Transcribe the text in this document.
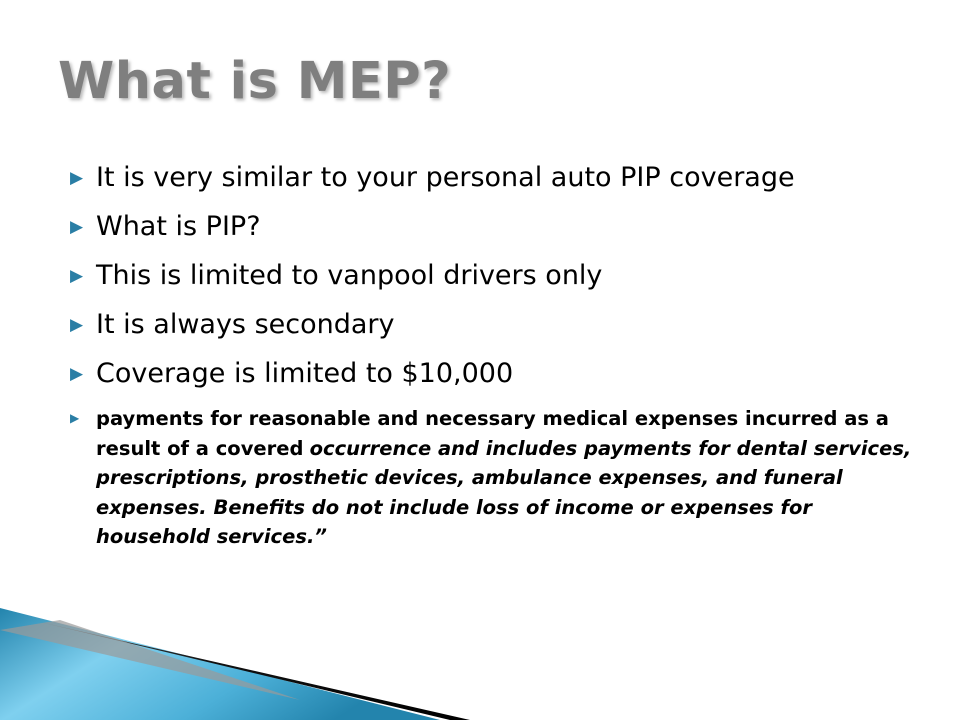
What is MEP?
▶ It is very similar to your personal auto PIP coverage
▶ What is PIP?
▶ This is limited to vanpool drivers only
▶ It is always secondary
▶ Coverage is limited to $10,000
▶ payments for reasonable and necessary medical expenses incurred as a result of a covered occurrence and includes payments for dental services, prescriptions, prosthetic devices, ambulance expenses, and funeral expenses. Benefits do not include loss of income or expenses for household services.”
